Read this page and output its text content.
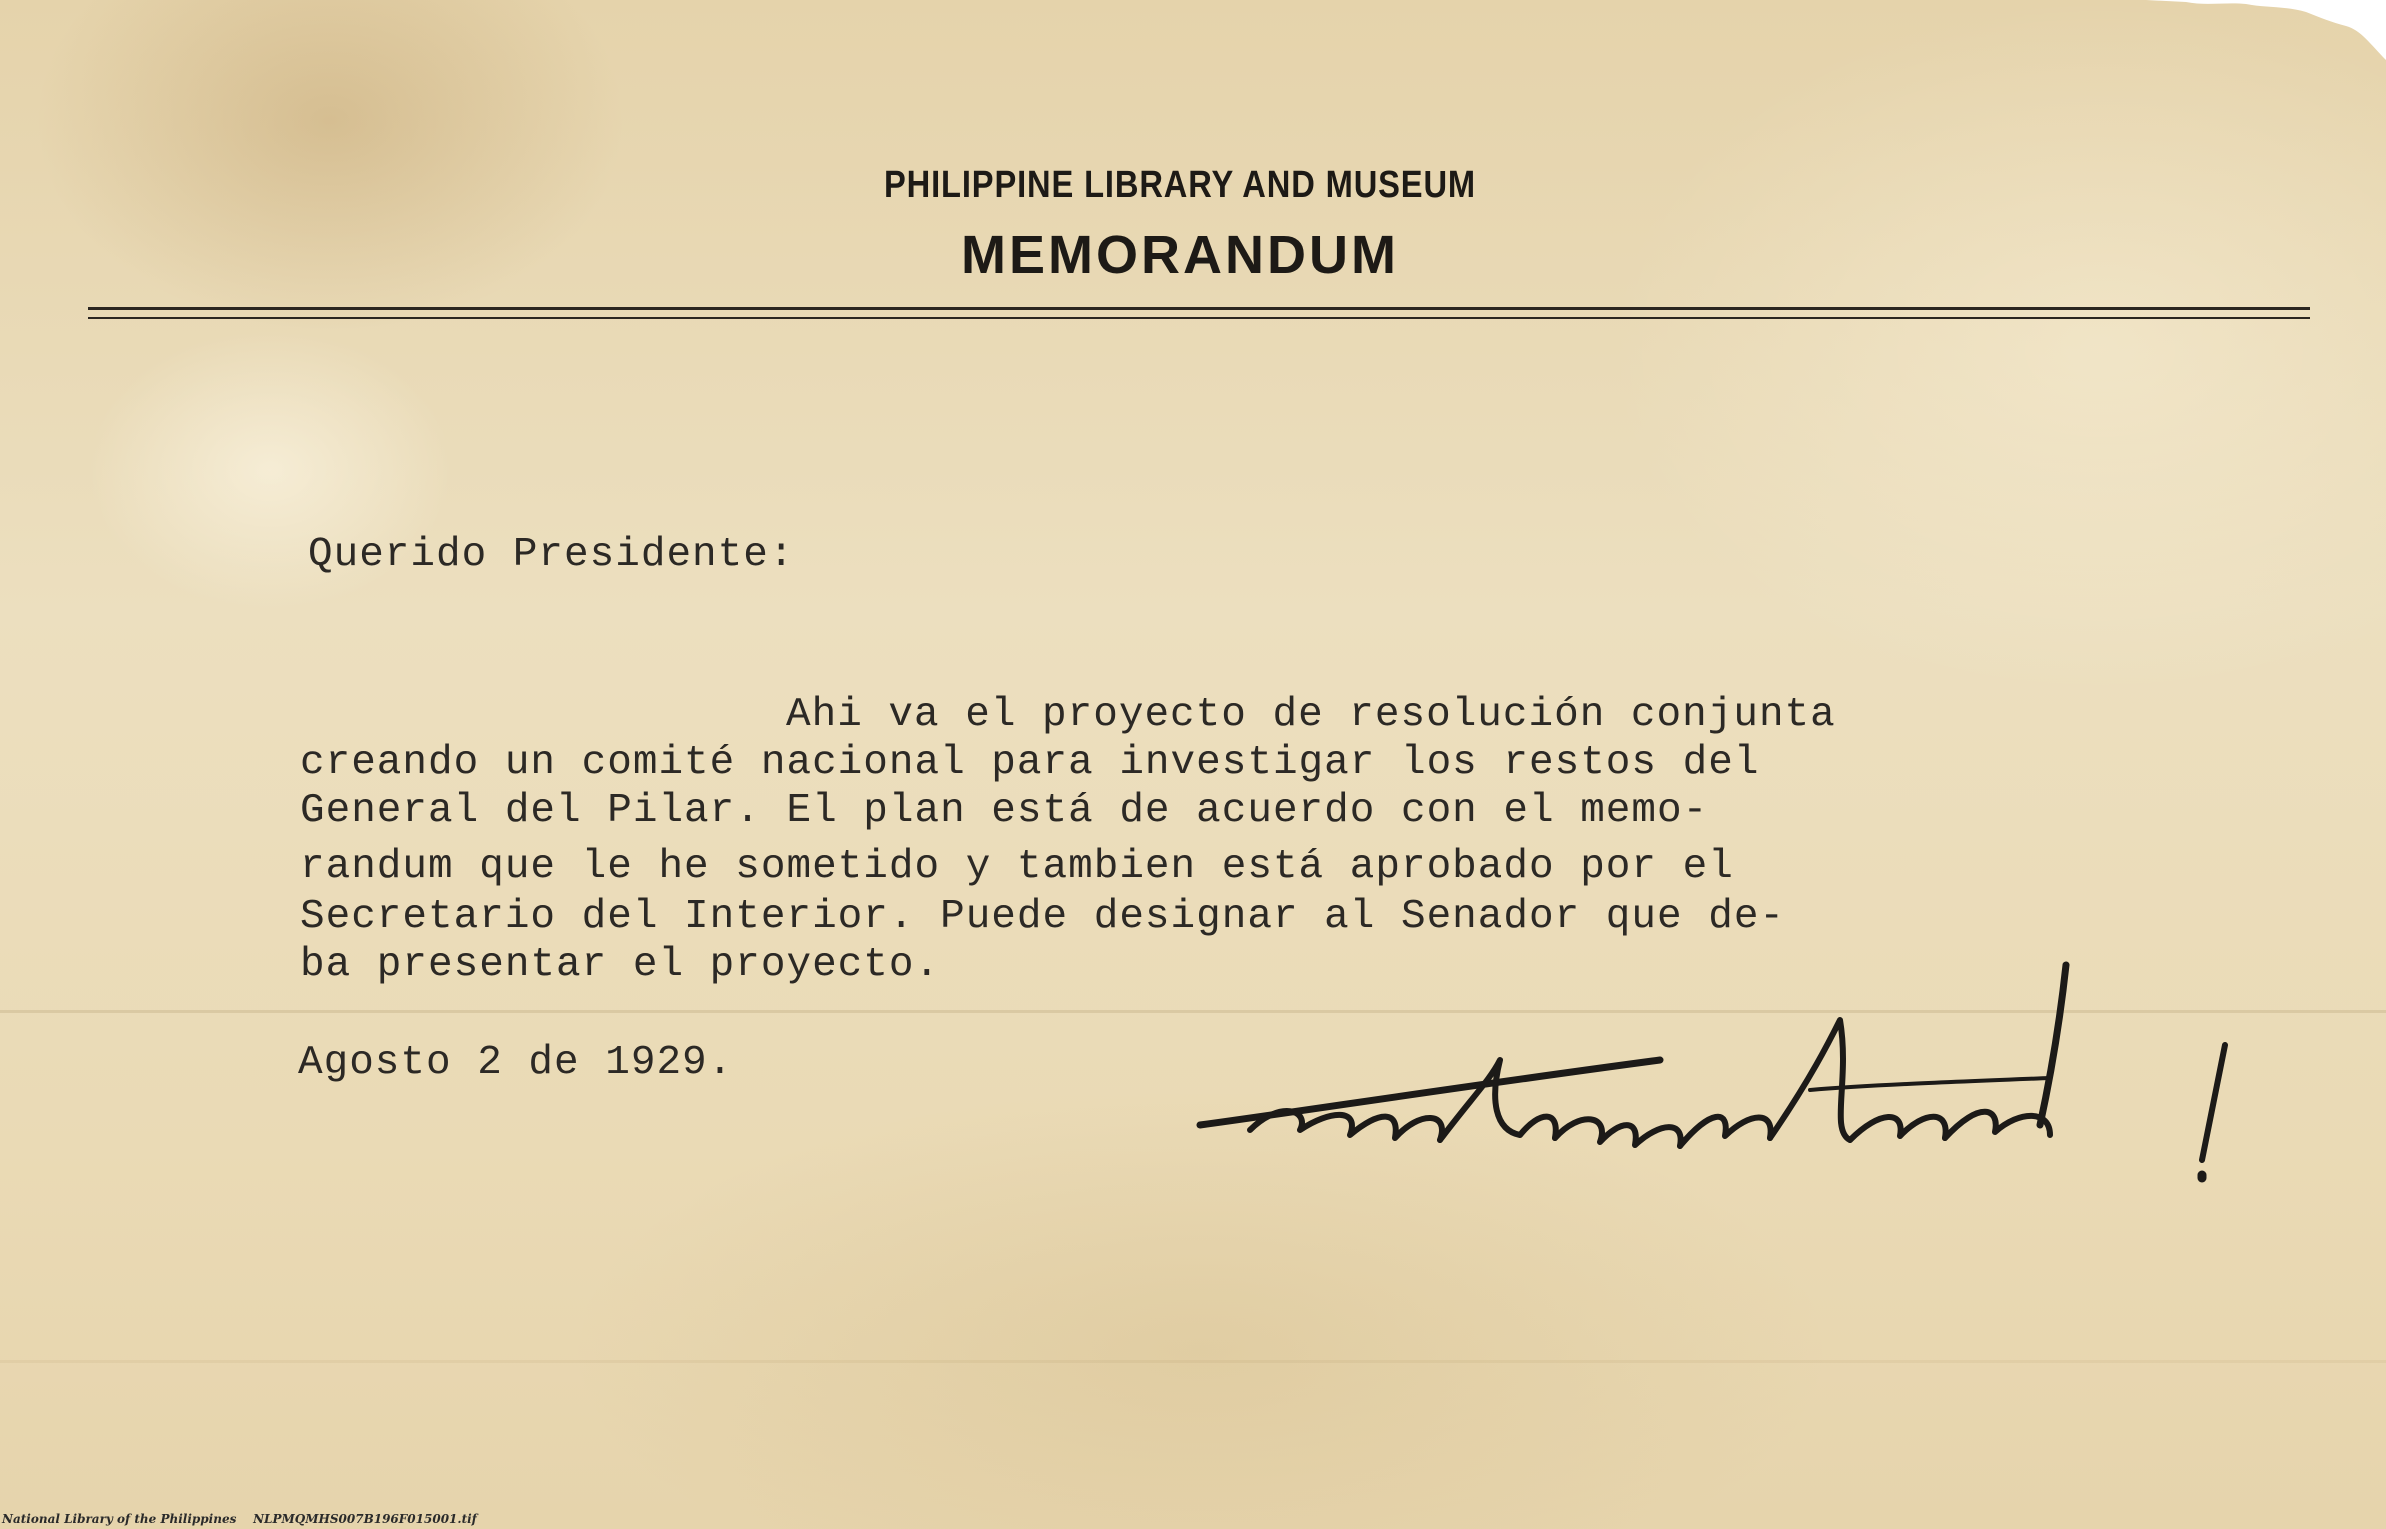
PHILIPPINE LIBRARY AND MUSEUM
MEMORANDUM
Querido Presidente:
Ahi va el proyecto de resolución conjunta
creando un comité nacional para investigar los restos del
General del Pilar. El plan está de acuerdo con el memo-
randum que le he sometido y tambien está aprobado por el
Secretario del Interior. Puede designar al Senador que de-
ba presentar el proyecto.
Agosto 2 de 1929.
National Library of the Philippines NLPMQMHS007B196F015001.tif
